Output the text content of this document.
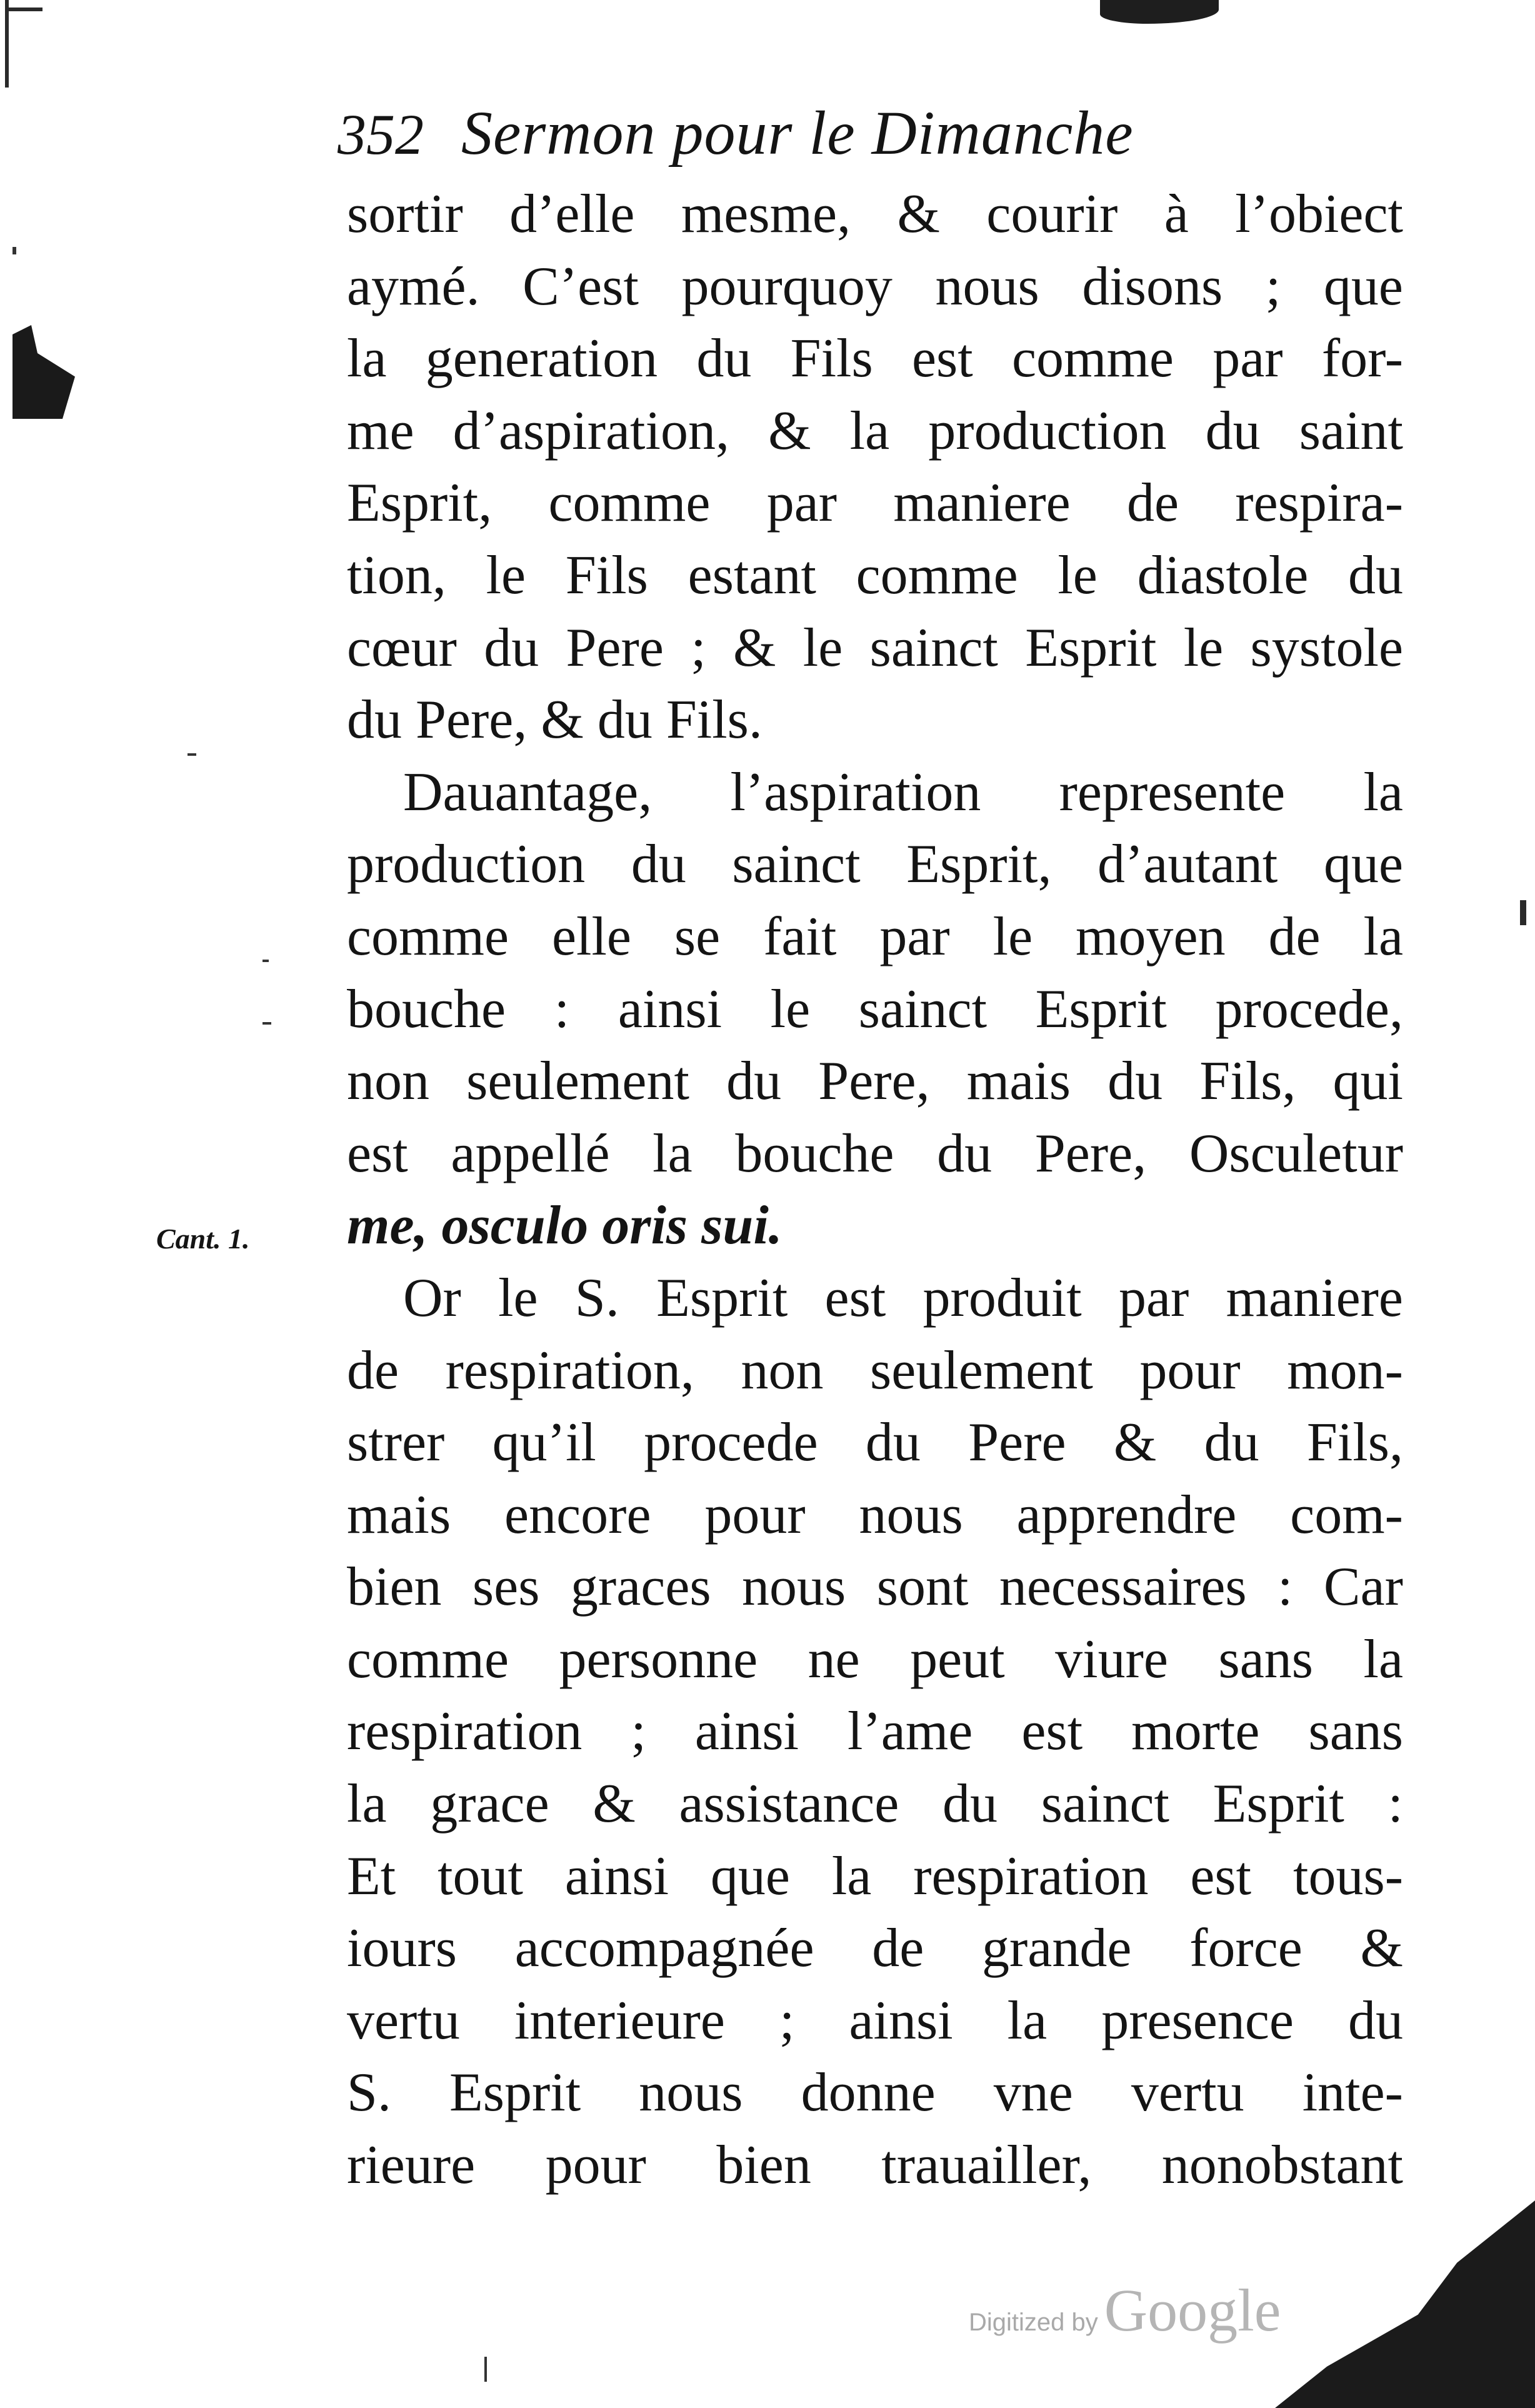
352 Sermon pour le Dimanche
Cant. 1.
sortir d’elle mesme, & courir à l’obiect
aymé. C’est pourquoy nous disons ; que
la generation du Fils est comme par for-
me d’aspiration, & la production du saint
Esprit, comme par maniere de respira-
tion, le Fils estant comme le diastole du
cœur du Pere ; & le sainct Esprit le systole
du Pere, & du Fils.
Dauantage, l’aspiration represente la
production du sainct Esprit, d’autant que
comme elle se fait par le moyen de la
bouche : ainsi le sainct Esprit procede,
non seulement du Pere, mais du Fils, qui
est appellé la bouche du Pere, Osculetur
me, osculo oris sui.
Or le S. Esprit est produit par maniere
de respiration, non seulement pour mon-
strer qu’il procede du Pere & du Fils,
mais encore pour nous apprendre com-
bien ses graces nous sont necessaires : Car
comme personne ne peut viure sans la
respiration ; ainsi l’ame est morte sans
la grace & assistance du sainct Esprit :
Et tout ainsi que la respiration est tous-
iours accompagnée de grande force &
vertu interieure ; ainsi la presence du
S. Esprit nous donne vne vertu inte-
rieure pour bien trauailler, nonobstant
Digitized by Google
